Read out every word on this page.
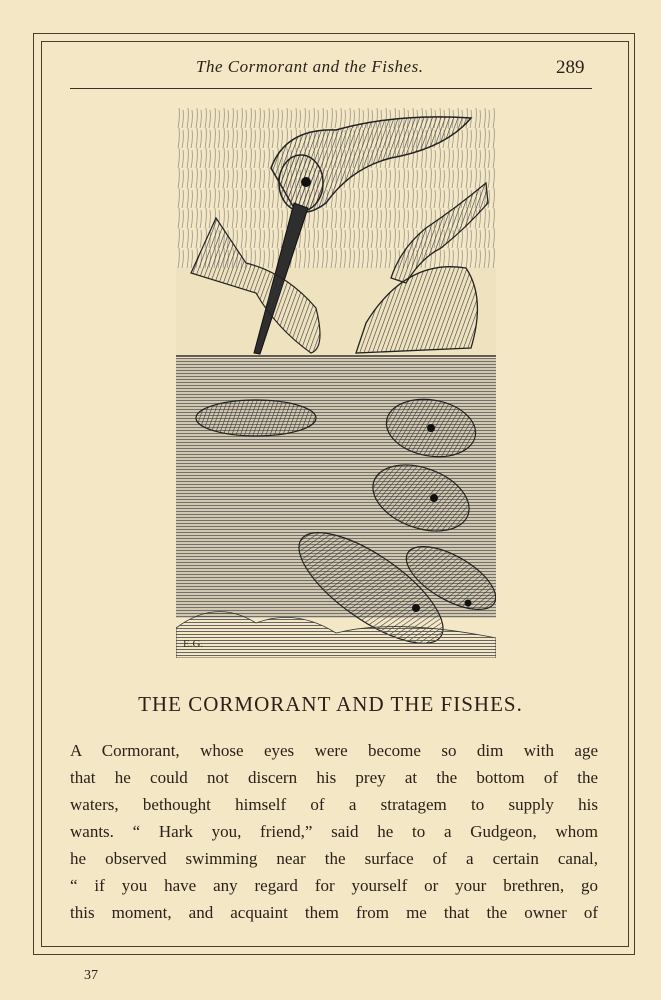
The Cormorant and the Fishes.	289
E.G.
THE CORMORANT AND THE FISHES.

A Cormorant, whose eyes were become so dim with age
that he could not discern his prey at the bottom of the
waters, bethought himself of a stratagem to supply his
wants. “ Hark you, friend,” said he to a Gudgeon, whom
he observed swimming near the surface of a certain canal,
“ if you have any regard for yourself or your brethren, go
this moment, and acquaint them from me that the owner of

37
